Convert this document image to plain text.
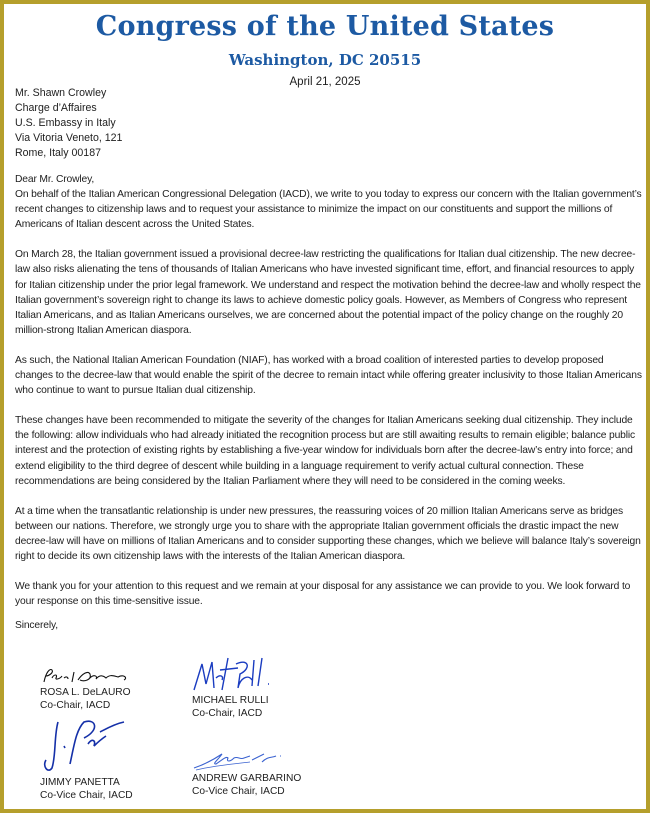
Congress of the United States
Washington, DC 20515
April 21, 2025
Mr. Shawn Crowley
Charge d’Affaires
U.S. Embassy in Italy
Via Vitoria Veneto, 121
Rome, Italy 00187

Dear Mr. Crowley,

On behalf of the Italian American Congressional Delegation (IACD), we write to you today to express our concern with the Italian government’s recent changes to citizenship laws and to request your assistance to minimize the impact on our constituents and support the millions of Americans of Italian descent across the United States.

On March 28, the Italian government issued a provisional decree-law restricting the qualifications for Italian dual citizenship. The new decree-law also risks alienating the tens of thousands of Italian Americans who have invested significant time, effort, and financial resources to apply for Italian citizenship under the prior legal framework. We understand and respect the motivation behind the decree-law and wholly respect the Italian government’s sovereign right to change its laws to achieve domestic policy goals. However, as Members of Congress who represent Italian Americans, and as Italian Americans ourselves, we are concerned about the potential impact of the policy change on the roughly 20 million-strong Italian American diaspora.

As such, the National Italian American Foundation (NIAF), has worked with a broad coalition of interested parties to develop proposed changes to the decree-law that would enable the spirit of the decree to remain intact while offering greater inclusivity to those Italian Americans who continue to want to pursue Italian dual citizenship.

These changes have been recommended to mitigate the severity of the changes for Italian Americans seeking dual citizenship. They include the following: allow individuals who had already initiated the recognition process but are still awaiting results to remain eligible; balance public interest and the protection of existing rights by establishing a five-year window for individuals born after the decree-law’s entry into force; and extend eligibility to the third degree of descent while building in a language requirement to verify actual cultural connection. These recommendations are being considered by the Italian Parliament where they will need to be considered in the coming weeks.

At a time when the transatlantic relationship is under new pressures, the reassuring voices of 20 million Italian Americans serve as bridges between our nations. Therefore, we strongly urge you to share with the appropriate Italian government officials the drastic impact the new decree-law will have on millions of Italian Americans and to consider supporting these changes, which we believe will balance Italy’s sovereign right to decide its own citizenship laws with the interests of the Italian American diaspora.

We thank you for your attention to this request and we remain at your disposal for any assistance we can provide to you. We look forward to your response on this time-sensitive issue.

Sincerely,

ROSA L. DeLAURO
Co-Chair, IACD	MICHAEL RULLI
Co-Chair, IACD
JIMMY PANETTA
Co-Vice Chair, IACD
ANDREW GARBARINO
Co-Vice Chair, IACD
